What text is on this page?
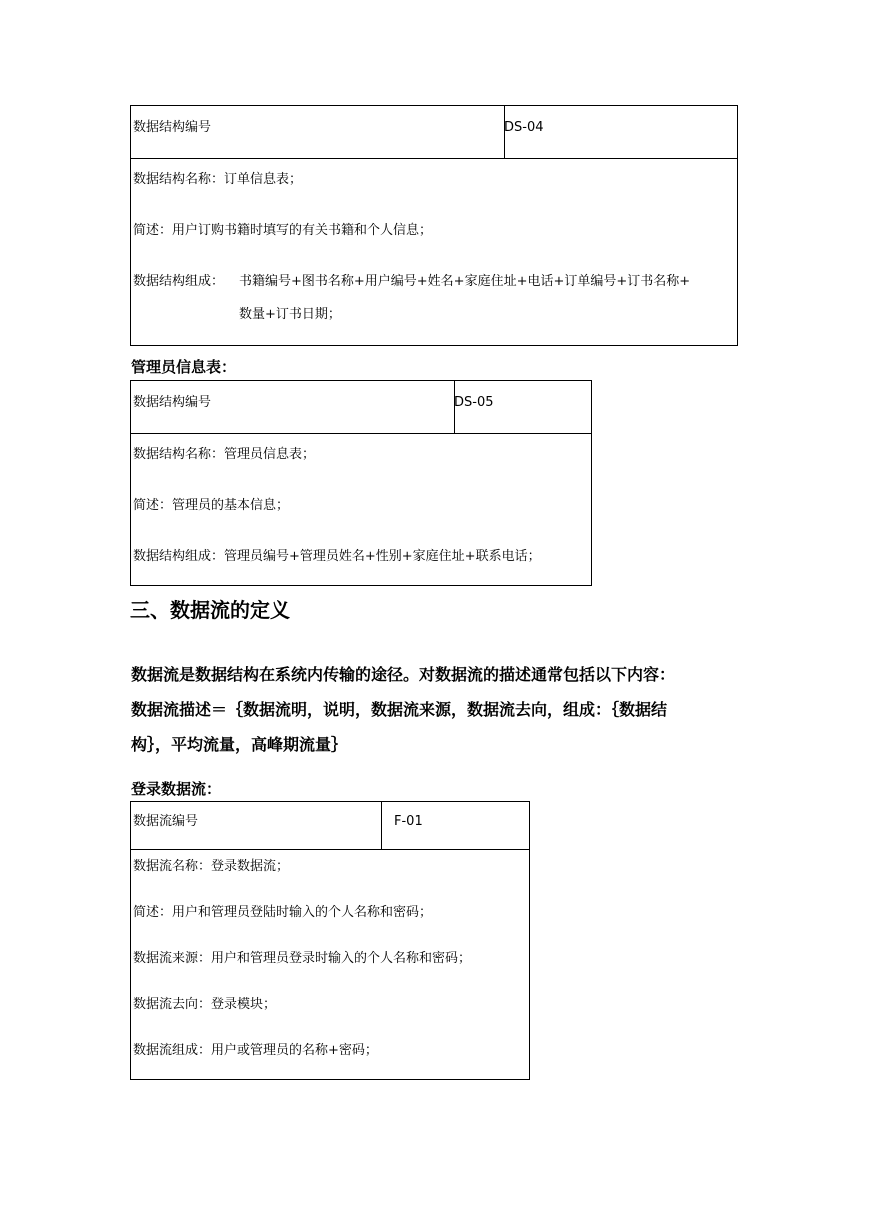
数据结构编号	DS-04
数据结构名称：订单信息表；
简述：用户订购书籍时填写的有关书籍和个人信息；
数据结构组成： 书籍编号+图书名称+用户编号+姓名+家庭住址+电话+订单编号+订书名称+
数量+订书日期；
管理员信息表：
数据结构编号	DS-05
数据结构名称：管理员信息表；
简述：管理员的基本信息；
数据结构组成：管理员编号+管理员姓名+性别+家庭住址+联系电话；
三、数据流的定义
数据流是数据结构在系统内传输的途径。对数据流的描述通常包括以下内容：
数据流描述＝｛数据流明，说明，数据流来源，数据流去向，组成：｛数据结
构｝，平均流量，高峰期流量｝
登录数据流：
数据流编号	F-01
数据流名称：登录数据流；
简述：用户和管理员登陆时输入的个人名称和密码；
数据流来源：用户和管理员登录时输入的个人名称和密码；
数据流去向：登录模块；
数据流组成：用户或管理员的名称+密码；
